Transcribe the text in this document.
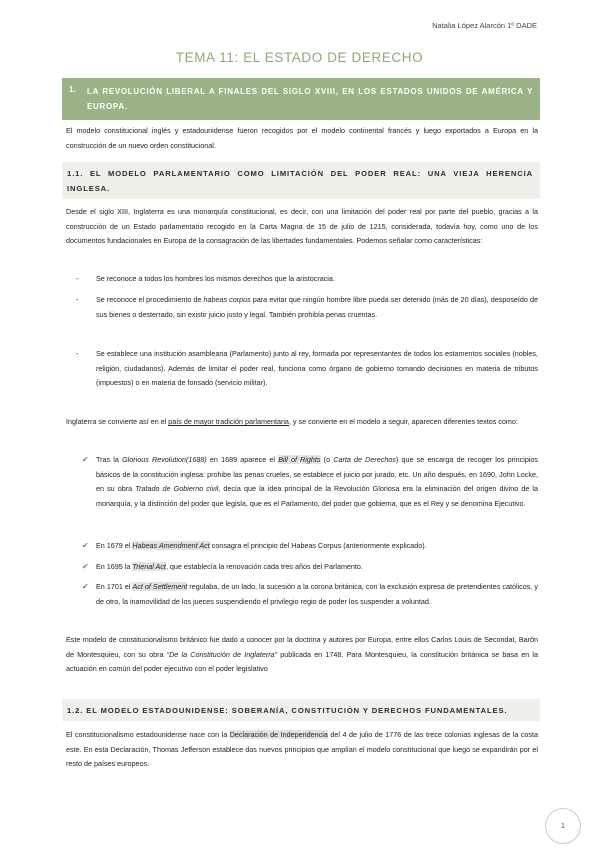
Natalia López Alarcón 1º DADE
TEMA 11: EL ESTADO DE DERECHO
1. LA REVOLUCIÓN LIBERAL A FINALES DEL SIGLO XVIII, EN LOS ESTADOS UNIDOS DE AMÉRICA Y EUROPA.
El modelo constitucional inglés y estadounidense fueron recogidos por el modelo continental francés y luego exportados a Europa en la construcción de un nuevo orden constitucional.
1.1. EL MODELO PARLAMENTARIO COMO LIMITACIÓN DEL PODER REAL: UNA VIEJA HERENCIA INGLESA.
Desde el siglo XIII, Inglaterra es una monarquía constitucional, es decir, con una limitación del poder real por parte del pueblo, gracias a la construcción de un Estado parlamentario recogido en la Carta Magna de 15 de julio de 1215, considerada, todavía hoy, como uno de los documentos fundacionales en Europa de la consagración de las libertades fundamentales. Podemos señalar como características:
- Se reconoce a todos los hombres los mismos derechos que la aristocracia.
- Se reconoce el procedimiento de habeas corpus para evitar que ningún hombre libre pueda ser detenido (más de 20 días), desposeído de sus bienes o desterrado, sin existir juicio justo y legal. También prohibía penas cruentas.
- Se establece una institución asamblearia (Parlamento) junto al rey, formada por representantes de todos los estamentos sociales (nobles, religión, ciudadanos). Además de limitar el poder real, funciona como órgano de gobierno tomando decisiones en materia de tributos (impuestos) o en materia de fonsado (servicio militar).
Inglaterra se convierte así en el país de mayor tradición parlamentaria, y se convierte en el modelo a seguir, aparecen diferentes textos como:
✔ Tras la Glorious Revolution(1688) en 1689 aparece el Bill of Rights (o Carta de Derechos) que se encarga de recoger los principios básicos de la constitución inglesa: prohibe las penas crueles, se establece el juicio por jurado, etc. Un año después, en 1690, John Locke, en su obra Tratado de Gobierno civil, decía que la idea principal de la Revolución Gloriosa era la eliminación del origen divino de la monarquía, y la distinción del poder que legisla, que es el Parlamento, del poder que gobierna, que es el Rey y se denomina Ejecutivo.
✔ En 1679 el Habeas Amendment Act consagra el principio del Habeas Corpus (anteriormente explicado).
✔ En 1695 la Trienal Act, que establecía la renovación cada tres años del Parlamento.
✔ En 1701 el Act of Settlement regulaba, de un lado, la sucesión a la corona británica, con la exclusión expresa de pretendientes católicos, y de otro, la inamovilidad de los jueces suspendiendo el privilegio regio de poder los suspender a voluntad.
Este modelo de constitucionalismo británico fue dado a conocer por la doctrina y autores por Europa, entre ellos Carlos Louis de Secondat, Barón de Montesquieu, con su obra “De la Constitución de Inglaterra” publicada en 1748. Para Montesquieu, la constitución británica se basa en la actuación en común del poder ejecutivo con el poder legislativo
1.2. EL MODELO ESTADOUNIDENSE: SOBERANÍA, CONSTITUCIÓN Y DERECHOS FUNDAMENTALES.
El constitucionalismo estadounidense nace con la Declaración de Independencia del 4 de julio de 1776 de las trece colonias inglesas de la costa este. En esta Declaración, Thomas Jefferson establece dos nuevos principios que amplían el modelo constitucional que luego se expandirán por el resto de países europeos.
1
